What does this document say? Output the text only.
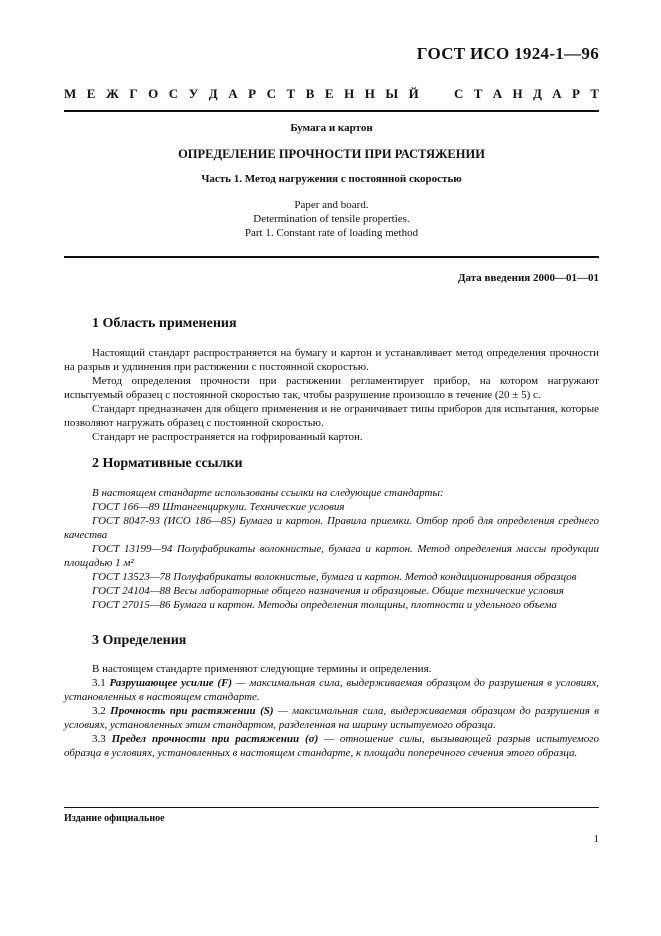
ГОСТ ИСО 1924-1—96
М Е Ж Г О С У Д А Р С Т В Е Н Н Ы Й	С Т А Н Д А Р Т
Бумага и картон
ОПРЕДЕЛЕНИЕ ПРОЧНОСТИ ПРИ РАСТЯЖЕНИИ
Часть 1. Метод нагружения с постоянной скоростью
Paper and board.
Determination of tensile properties.
Part 1. Constant rate of loading method
Дата введения 2000—01—01
1 Область применения

Настоящий стандарт распространяется на бумагу и картон и устанавливает метод определения прочности на разрыв и удлинения при растяжении с постоянной скоростью.

Метод определения прочности при растяжении регламентирует прибор, на котором нагружают испытуемый образец с постоянной скоростью так, чтобы разрушение произошло в течение (20 ± 5) с.

Стандарт предназначен для общего применения и не ограничивает типы приборов для испытания, которые позволяют нагружать образец с постоянной скоростью.

Стандарт не распространяется на гофрированный картон.

2 Нормативные ссылки

В настоящем стандарте использованы ссылки на следующие стандарты:

ГОСТ 166—89 Штангенциркули. Технические условия

ГОСТ 8047-93 (ИСО 186—85) Бумага и картон. Правила приемки. Отбор проб для определения среднего качества

ГОСТ 13199—94 Полуфабрикаты волокнистые, бумага и картон. Метод определения массы продукции площадью 1 м²

ГОСТ 13523—78 Полуфабрикаты волокнистые, бумага и картон. Метод кондиционирования образцов

ГОСТ 24104—88 Весы лабораторные общего назначения и образцовые. Общие технические условия

ГОСТ 27015—86 Бумага и картон. Методы определения толщины, плотности и удельного объема

3 Определения

В настоящем стандарте применяют следующие термины и определения.

3.1 Разрушающее усилие (F) — максимальная сила, выдерживаемая образцом до разрушения в условиях, установленных в настоящем стандарте.

3.2 Прочность при растяжении (S) — максимальная сила, выдерживаемая образцом до разрушения в условиях, установленных этим стандартом, разделенная на ширину испытуемого образца.

3.3 Предел прочности при растяжении (σ) — отношение силы, вызывающей разрыв испытуемого образца в условиях, установленных в настоящем стандарте, к площади поперечного сечения этого образца.

Издание официальное
1
